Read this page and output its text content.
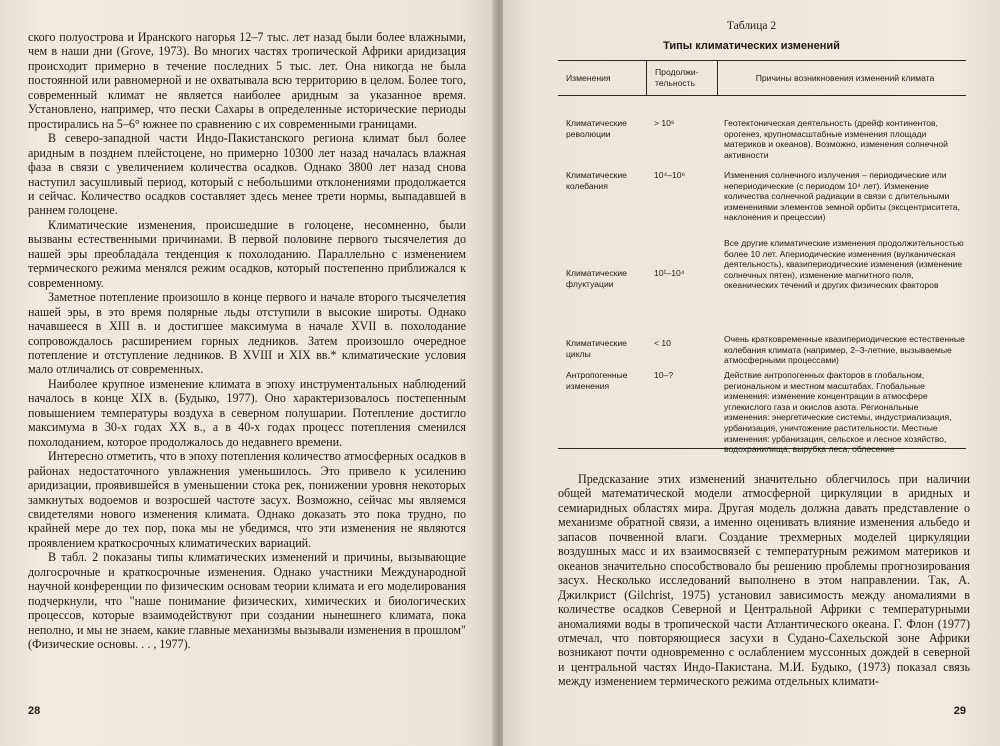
ского полуострова и Иранского нагорья 12–7 тыс. лет назад были более влажными, чем в наши дни (Grove, 1973). Во многих частях тропической Африки аридизация происходит примерно в течение последних 5 тыс. лет. Она никогда не была постоянной или равномерной и не охватывала всю территорию в целом. Более того, современный климат не является наиболее аридным за указанное время. Установлено, например, что пески Сахары в определенные исторические периоды простирались на 5–6° южнее по сравнению с их современными границами.

В северо-западной части Индо-Пакистанского региона климат был более аридным в позднем плейстоцене, но примерно 10300 лет назад началась влажная фаза в связи с увеличением количества осадков. Однако 3800 лет назад снова наступил засушливый период, который с небольшими отклонениями продолжается и сейчас. Количество осадков составляет здесь менее трети нормы, выпадавшей в раннем голоцене.

Климатические изменения, происшедшие в голоцене, несомненно, были вызваны естественными причинами. В первой половине первого тысячелетия до нашей эры преобладала тенденция к похолоданию. Параллельно с изменением термического режима менялся режим осадков, который постепенно приближался к современному.

Заметное потепление произошло в конце первого и начале второго тысячелетия нашей эры, в это время полярные льды отступили в высокие широты. Однако начавшееся в XIII в. и достигшее максимума в начале XVII в. похолодание сопровождалось расширением горных ледников. Затем произошло очередное потепление и отступление ледников. В XVIII и XIX вв.* климатические условия мало отличались от современных.

Наиболее крупное изменение климата в эпоху инструментальных наблюдений началось в конце XIX в. (Будыко, 1977). Оно характеризовалось постепенным повышением температуры воздуха в северном полушарии. Потепление достигло максимума в 30-х годах XX в., а в 40-х годах процесс потепления сменился похолоданием, которое продолжалось до недавнего времени.

Интересно отметить, что в эпоху потепления количество атмосферных осадков в районах недостаточного увлажнения уменьшилось. Это привело к усилению аридизации, проявившейся в уменьшении стока рек, понижении уровня некоторых замкнутых водоемов и возросшей частоте засух. Возможно, сейчас мы являемся свидетелями нового изменения климата. Однако доказать это пока трудно, по крайней мере до тех пор, пока мы не убедимся, что эти изменения не являются проявлением краткосрочных климатических вариаций.

В табл. 2 показаны типы климатических изменений и причины, вызывающие долгосрочные и краткосрочные изменения. Однако участники Международной научной конференции по физическим основам теории климата и его моделирования подчеркнули, что "наше понимание физических, химических и биологических процессов, которые взаимодействуют при создании нынешнего климата, пока неполно, и мы не знаем, какие главные механизмы вызывали изменения в прошлом" (Физические основы. . . , 1977).

28
Таблица 2
Типы климатических изменений
Изменения
Продолжи-
тельность
Причины возникновения изменений климата
Климатические
революции
> 10⁶	Геотектоническая деятельность (дрейф континентов, орогенез, крупномасштабные изменения площади материков и океанов). Возможно, изменения солнечной активности
Климатические
колебания
10⁴–10⁶	Изменения солнечного излучения – периодические или непериодические (с периодом 10⁴ лет). Изменение количества солнечной радиации в связи с длительными изменениями элементов земной орбиты (эксцентриситета, наклонения и прецессии)
Климатические
флуктуации
10¹–10⁴
Все другие климатические изменения продолжительностью более 10 лет. Апериодические изменения (вулканическая деятельность), квазипериодические изменения (изменение солнечных пятен), изменение магнитного поля, океанических течений и других физических факторов
Климатические
циклы
< 10	Очень кратковременные квазипериодические естественные колебания климата (например, 2–3-летние, вызываемые атмосферными процессами)
Антропогенные
изменения
10–?	Действие антропогенных факторов в глобальном, региональном и местном масштабах. Глобальные изменения: изменение концентрации в атмосфере углекислого газа и окислов азота. Региональные изменения: энергетические системы, индустриализация, урбанизация, уничтожение растительности. Местные изменения: урбанизация, сельское и лесное хозяйство, водохранилища, вырубка леса, облесение

Предсказание этих изменений значительно облегчилось при наличии общей математической модели атмосферной циркуляции в аридных и семиаридных областях мира. Другая модель должна давать представление о механизме обратной связи, а именно оценивать влияние изменения альбедо и запасов почвенной влаги. Создание трехмерных моделей циркуляции воздушных масс и их взаимосвязей с температурным режимом материков и океанов значительно способствовало бы решению проблемы прогнозирования засух. Несколько исследований выполнено в этом направлении. Так, А. Джилкрист (Gilchrist, 1975) установил зависимость между аномалиями в количестве осадков Северной и Центральной Африки с температурными аномалиями воды в тропической части Атлантического океана. Г. Флон (1977) отмечал, что повторяющиеся засухи в Судано-Сахельской зоне Африки возникают почти одновременно с ослаблением муссонных дождей в северной и центральной частях Индо-Пакистана. М.И. Будыко, (1973) показал связь между изменением термического режима отдельных климати-

29
